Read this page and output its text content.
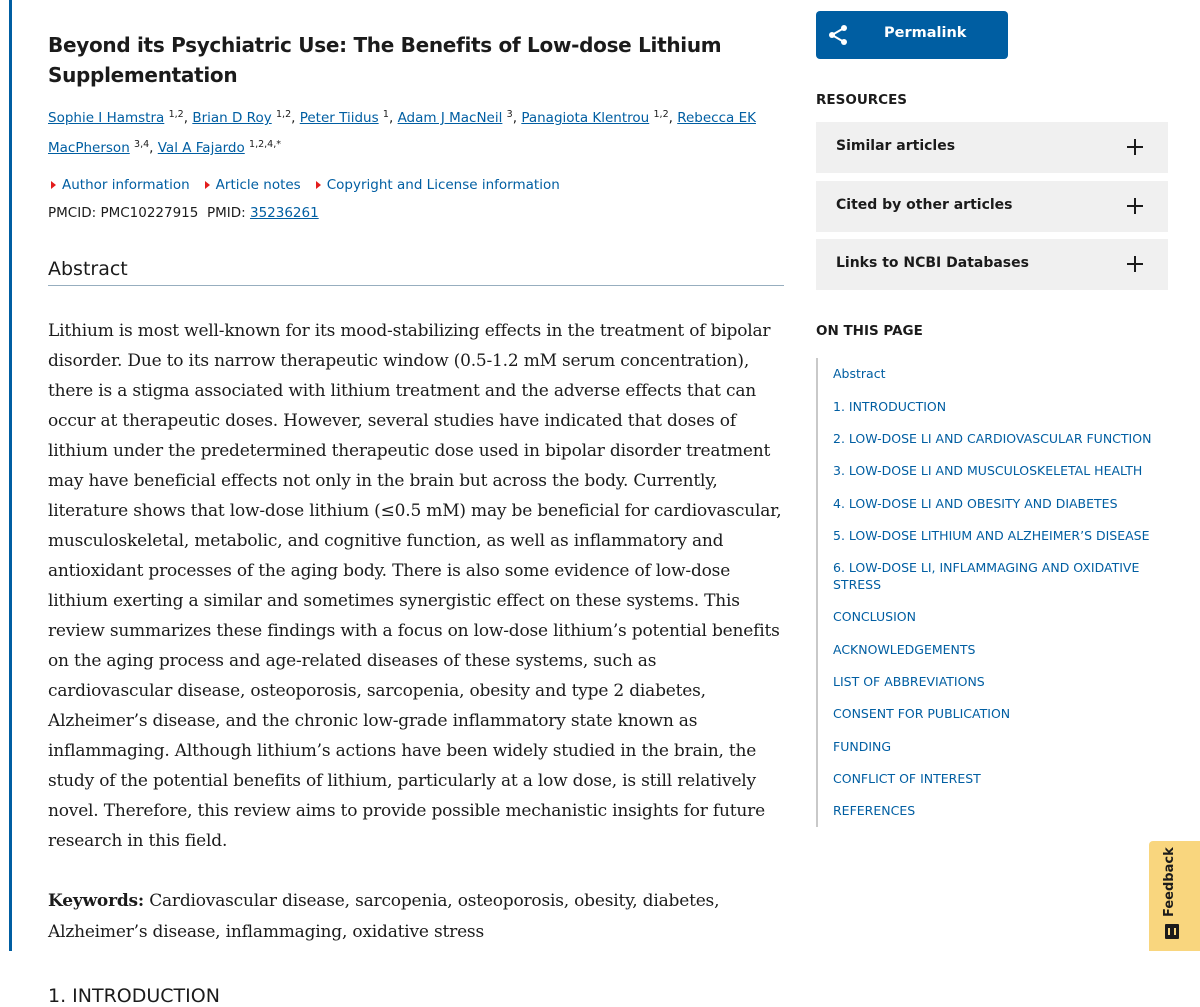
Beyond its Psychiatric Use: The Benefits of Low-dose Lithium Supplementation
Sophie I Hamstra $^{1,2}$, Brian D Roy $^{1,2}$, Peter Tiidus $^1$, Adam J MacNeil $^3$, Panagiota Klentrou $^{1,2}$, Rebecca EK MacPherson $^{3,4}$, Val A Fajardo $^{1,2,4,*}$
Author information Article notes Copyright and License information
PMCID: PMC10227915 PMID: 35236261
Abstract

Lithium is most well-known for its mood-stabilizing effects in the treatment of bipolar disorder. Due to its narrow therapeutic window (0.5-1.2 mM serum concentration), there is a stigma associated with lithium treatment and the adverse effects that can occur at therapeutic doses. However, several studies have indicated that doses of lithium under the predetermined therapeutic dose used in bipolar disorder treatment may have beneficial effects not only in the brain but across the body. Currently, literature shows that low-dose lithium (≤0.5 mM) may be beneficial for cardiovascular, musculoskeletal, metabolic, and cognitive function, as well as inflammatory and antioxidant processes of the aging body. There is also some evidence of low-dose lithium exerting a similar and sometimes synergistic effect on these systems. This review summarizes these findings with a focus on low-dose lithium’s potential benefits on the aging process and age-related diseases of these systems, such as cardiovascular disease, osteoporosis, sarcopenia, obesity and type 2 diabetes, Alzheimer’s disease, and the chronic low-grade inflammatory state known as inflammaging. Although lithium’s actions have been widely studied in the brain, the study of the potential benefits of lithium, particularly at a low dose, is still relatively novel. Therefore, this review aims to provide possible mechanistic insights for future research in this field.

Keywords: Cardiovascular disease, sarcopenia, osteoporosis, obesity, diabetes, Alzheimer’s disease, inflammaging, oxidative stress

1. INTRODUCTION
Permalink
RESOURCES
Similar articles
Cited by other articles
Links to NCBI Databases
ON THIS PAGE
Abstract
1. INTRODUCTION
2. LOW-DOSE LI AND CARDIOVASCULAR FUNCTION
3. LOW-DOSE LI AND MUSCULOSKELETAL HEALTH
4. LOW-DOSE LI AND OBESITY AND DIABETES
5. LOW-DOSE LITHIUM AND ALZHEIMER’S DISEASE
6. LOW-DOSE LI, INFLAMMAGING AND OXIDATIVE STRESS
CONCLUSION
ACKNOWLEDGEMENTS
LIST OF ABBREVIATIONS
CONSENT FOR PUBLICATION
FUNDING
CONFLICT OF INTEREST
REFERENCES
Feedback
